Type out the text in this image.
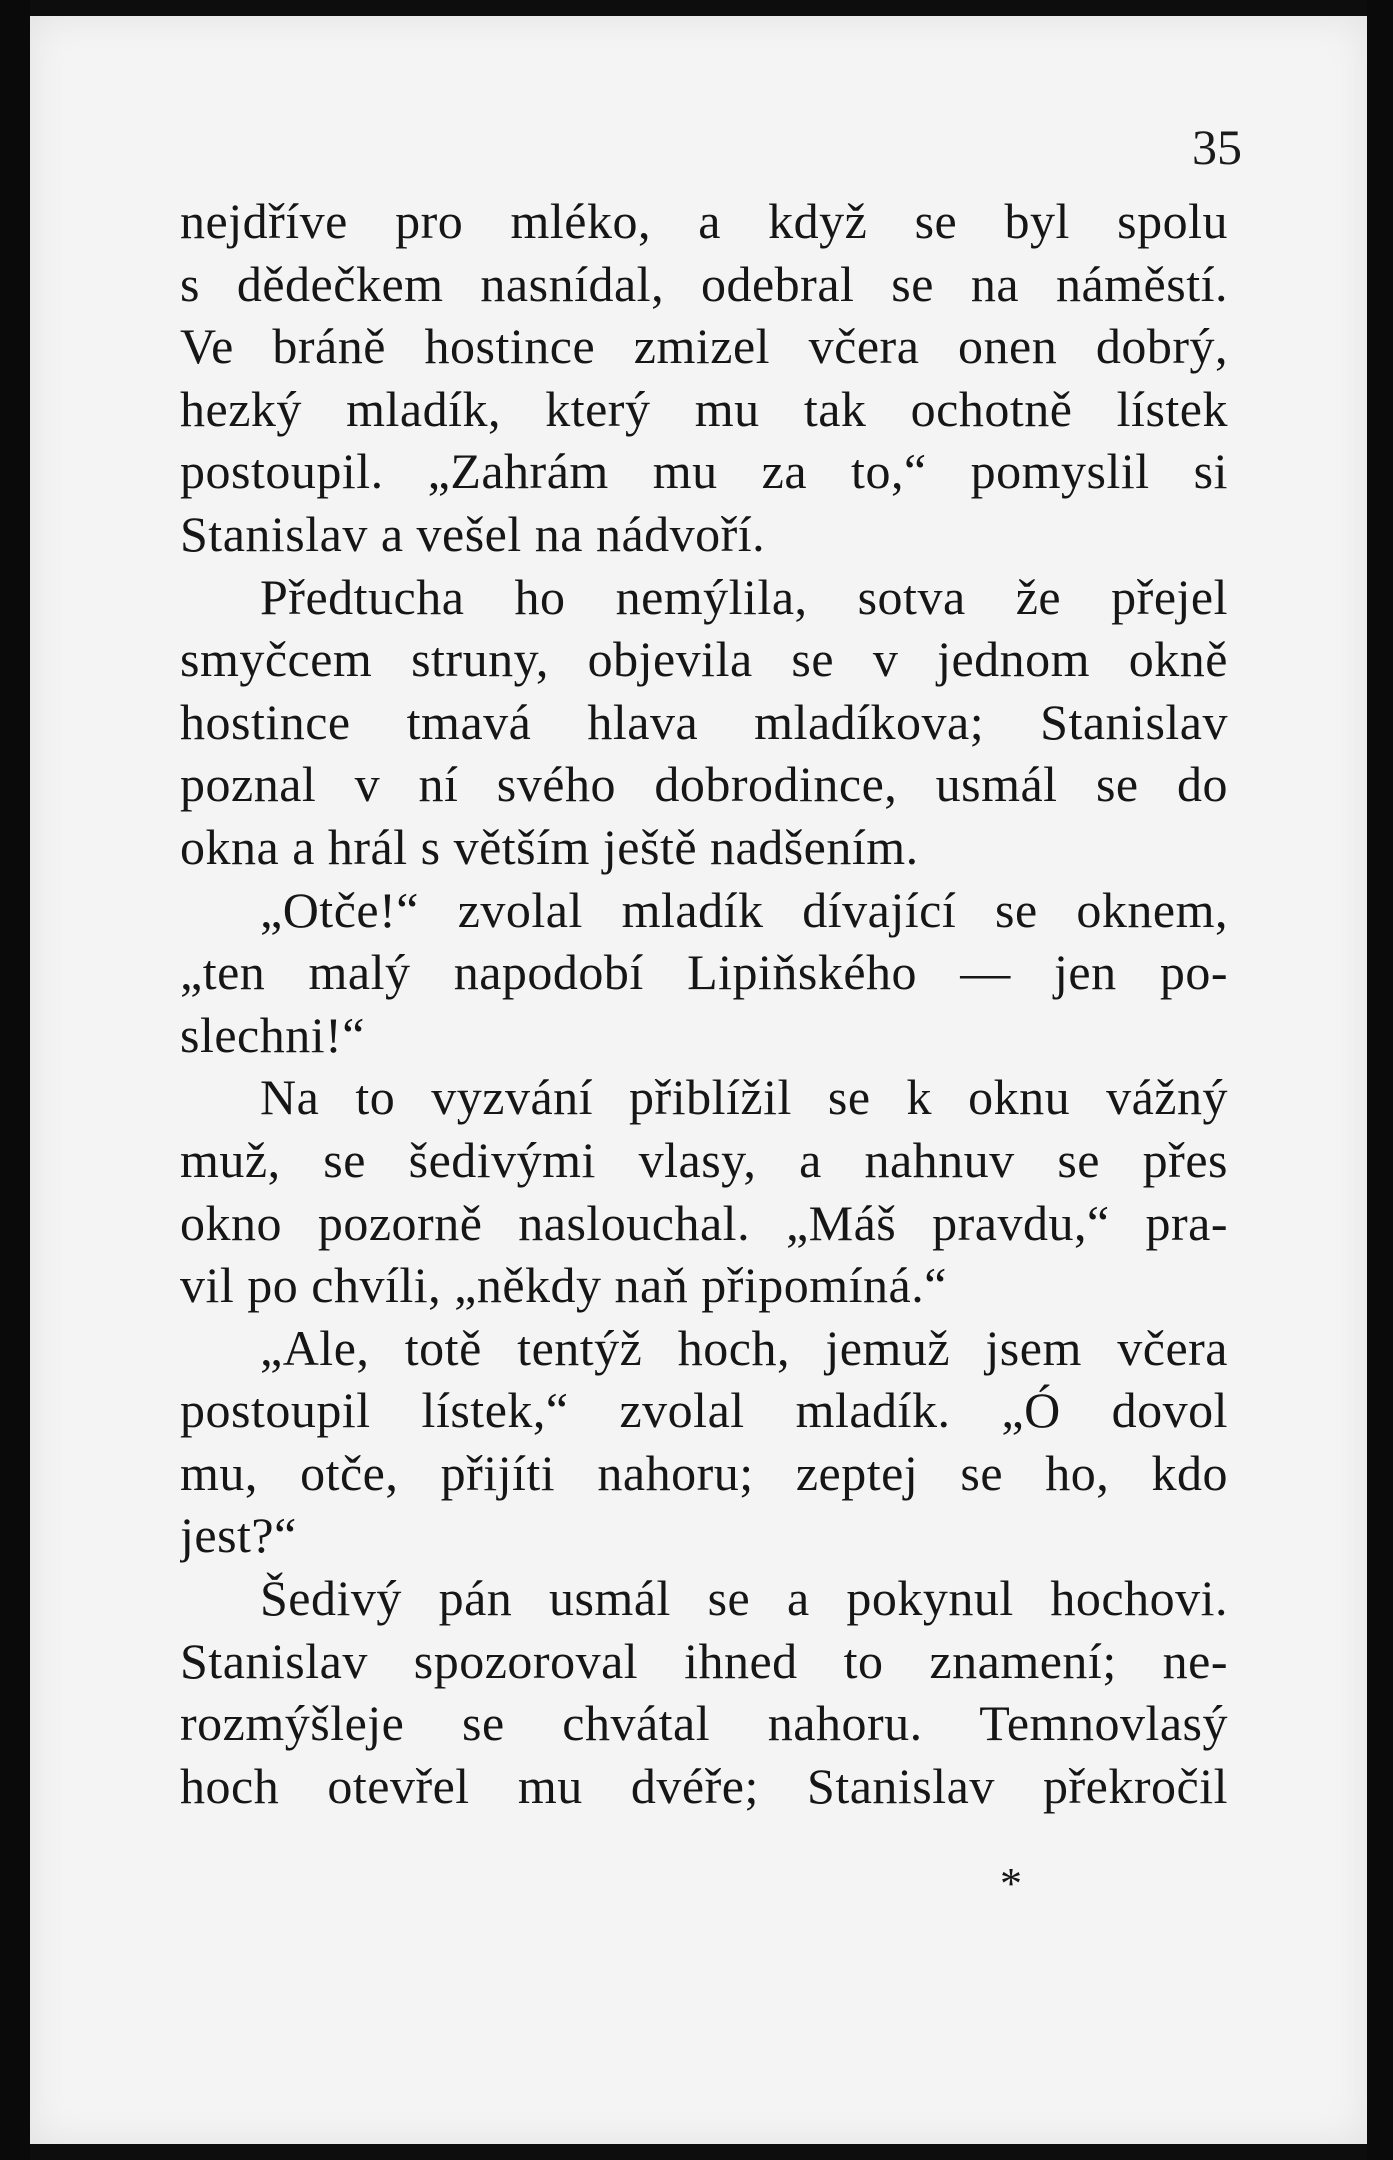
35
nejdříve pro mléko, a když se byl spolu
s dědečkem nasnídal, odebral se na náměstí.
Ve bráně hostince zmizel včera onen dobrý,
hezký mladík, který mu tak ochotně lístek
postoupil. „Zahrám mu za to,“ pomyslil si
Stanislav a vešel na nádvoří.
Předtucha ho nemýlila, sotva že přejel
smyčcem struny, objevila se v jednom okně
hostince tmavá hlava mladíkova; Stanislav
poznal v ní svého dobrodince, usmál se do
okna a hrál s větším ještě nadšením.
„Otče!“ zvolal mladík dívající se oknem,
„ten malý napodobí Lipiňského — jen po-
slechni!“
Na to vyzvání přiblížil se k oknu vážný
muž, se šedivými vlasy, a nahnuv se přes
okno pozorně naslouchal. „Máš pravdu,“ pra-
vil po chvíli, „někdy naň připomíná.“
„Ale, totě tentýž hoch, jemuž jsem včera
postoupil lístek,“ zvolal mladík. „Ó dovol
mu, otče, přijíti nahoru; zeptej se ho, kdo
jest?“
Šedivý pán usmál se a pokynul hochovi.
Stanislav spozoroval ihned to znamení; ne-
rozmýšleje se chvátal nahoru. Temnovlasý
hoch otevřel mu dvéře; Stanislav překročil
*
